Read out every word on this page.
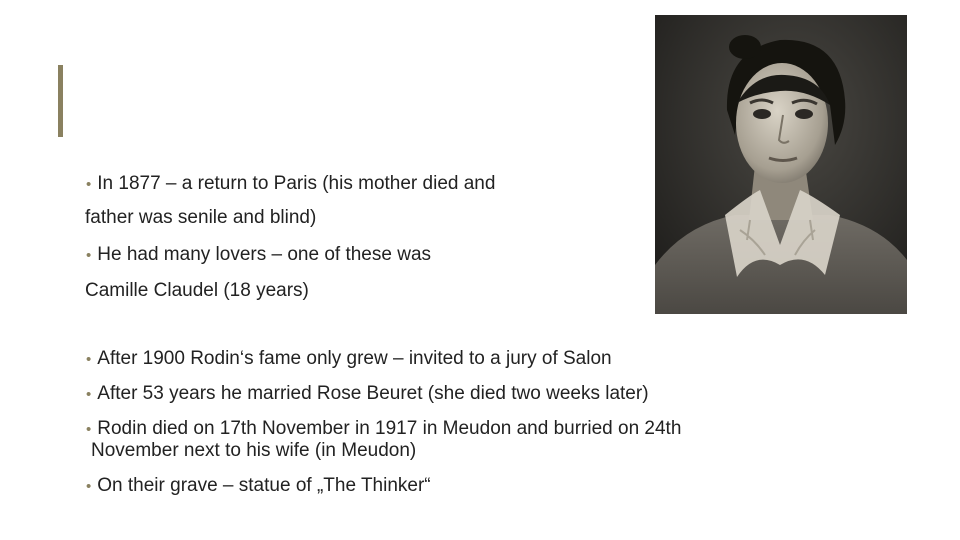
• In 1877 – a return to Paris (his mother died and
father was senile and blind)
• He had many lovers – one of these was
Camille Claudel (18 years)
• After 1900 Rodin‘s fame only grew – invited to a jury of Salon
• After 53 years he married Rose Beuret (she died two weeks later)
• Rodin died on 17th November in 1917 in Meudon and burried on 24th
November next to his wife (in Meudon)
• On their grave – statue of „The Thinker“
